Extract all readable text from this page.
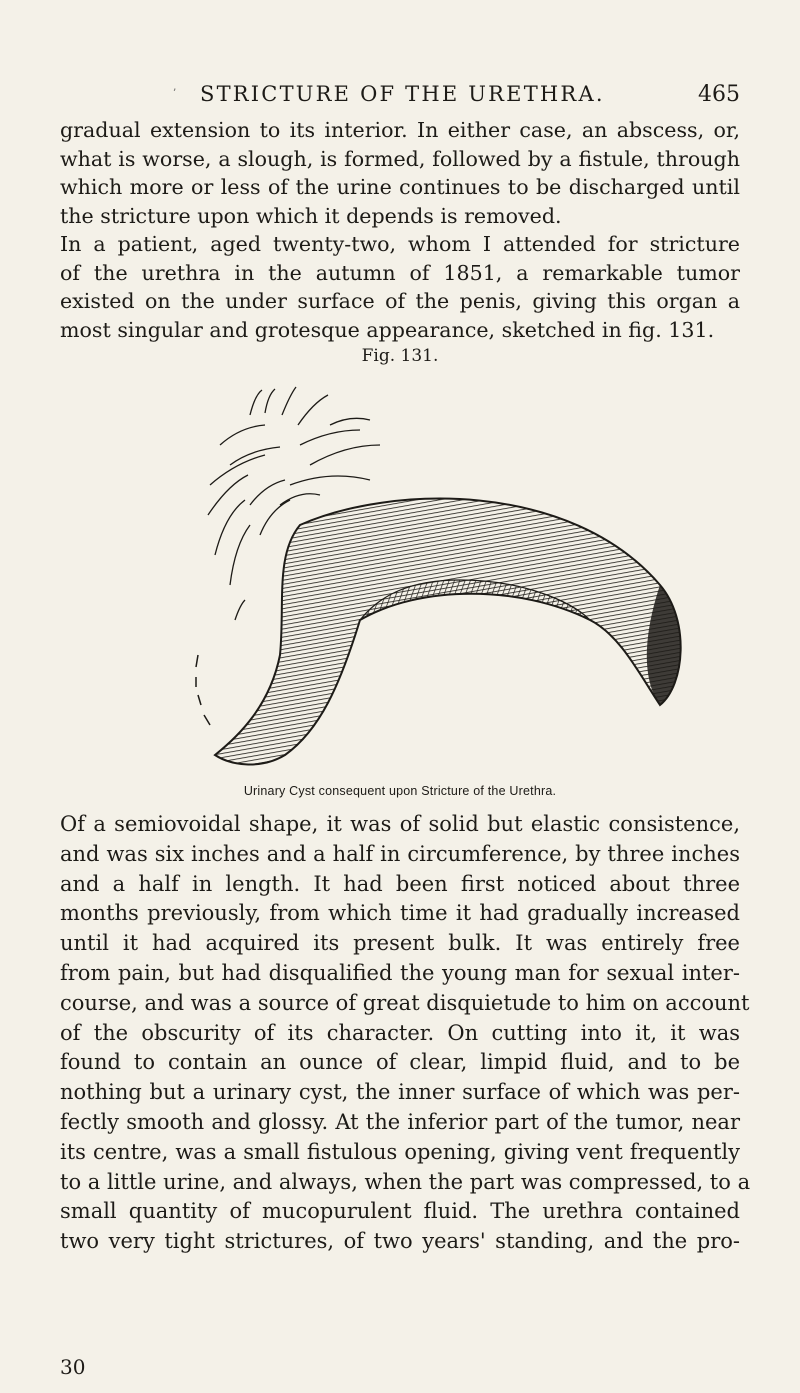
’ STRICTURE OF THE URETHRA.	465

gradual extension to its interior. In either case, an abscess, or,
what is worse, a slough, is formed, followed by a fistule, through
which more or less of the urine continues to be discharged until
the stricture upon which it depends is removed.
In a patient, aged twenty-two, whom I attended for stricture
of the urethra in the autumn of 1851, a remarkable tumor
existed on the under surface of the penis, giving this organ a
most singular and grotesque appearance, sketched in fig. 131.

Fig. 131.
Urinary Cyst consequent upon Stricture of the Urethra.

Of a semiovoidal shape, it was of solid but elastic consistence,
and was six inches and a half in circumference, by three inches
and a half in length. It had been first noticed about three
months previously, from which time it had gradually increased
until it had acquired its present bulk. It was entirely free
from pain, but had disqualified the young man for sexual inter-
course, and was a source of great disquietude to him on account
of the obscurity of its character. On cutting into it, it was
found to contain an ounce of clear, limpid fluid, and to be
nothing but a urinary cyst, the inner surface of which was per-
fectly smooth and glossy. At the inferior part of the tumor, near
its centre, was a small fistulous opening, giving vent frequently
to a little urine, and always, when the part was compressed, to a
small quantity of mucopurulent fluid. The urethra contained
two very tight strictures, of two years' standing, and the pro-

30
